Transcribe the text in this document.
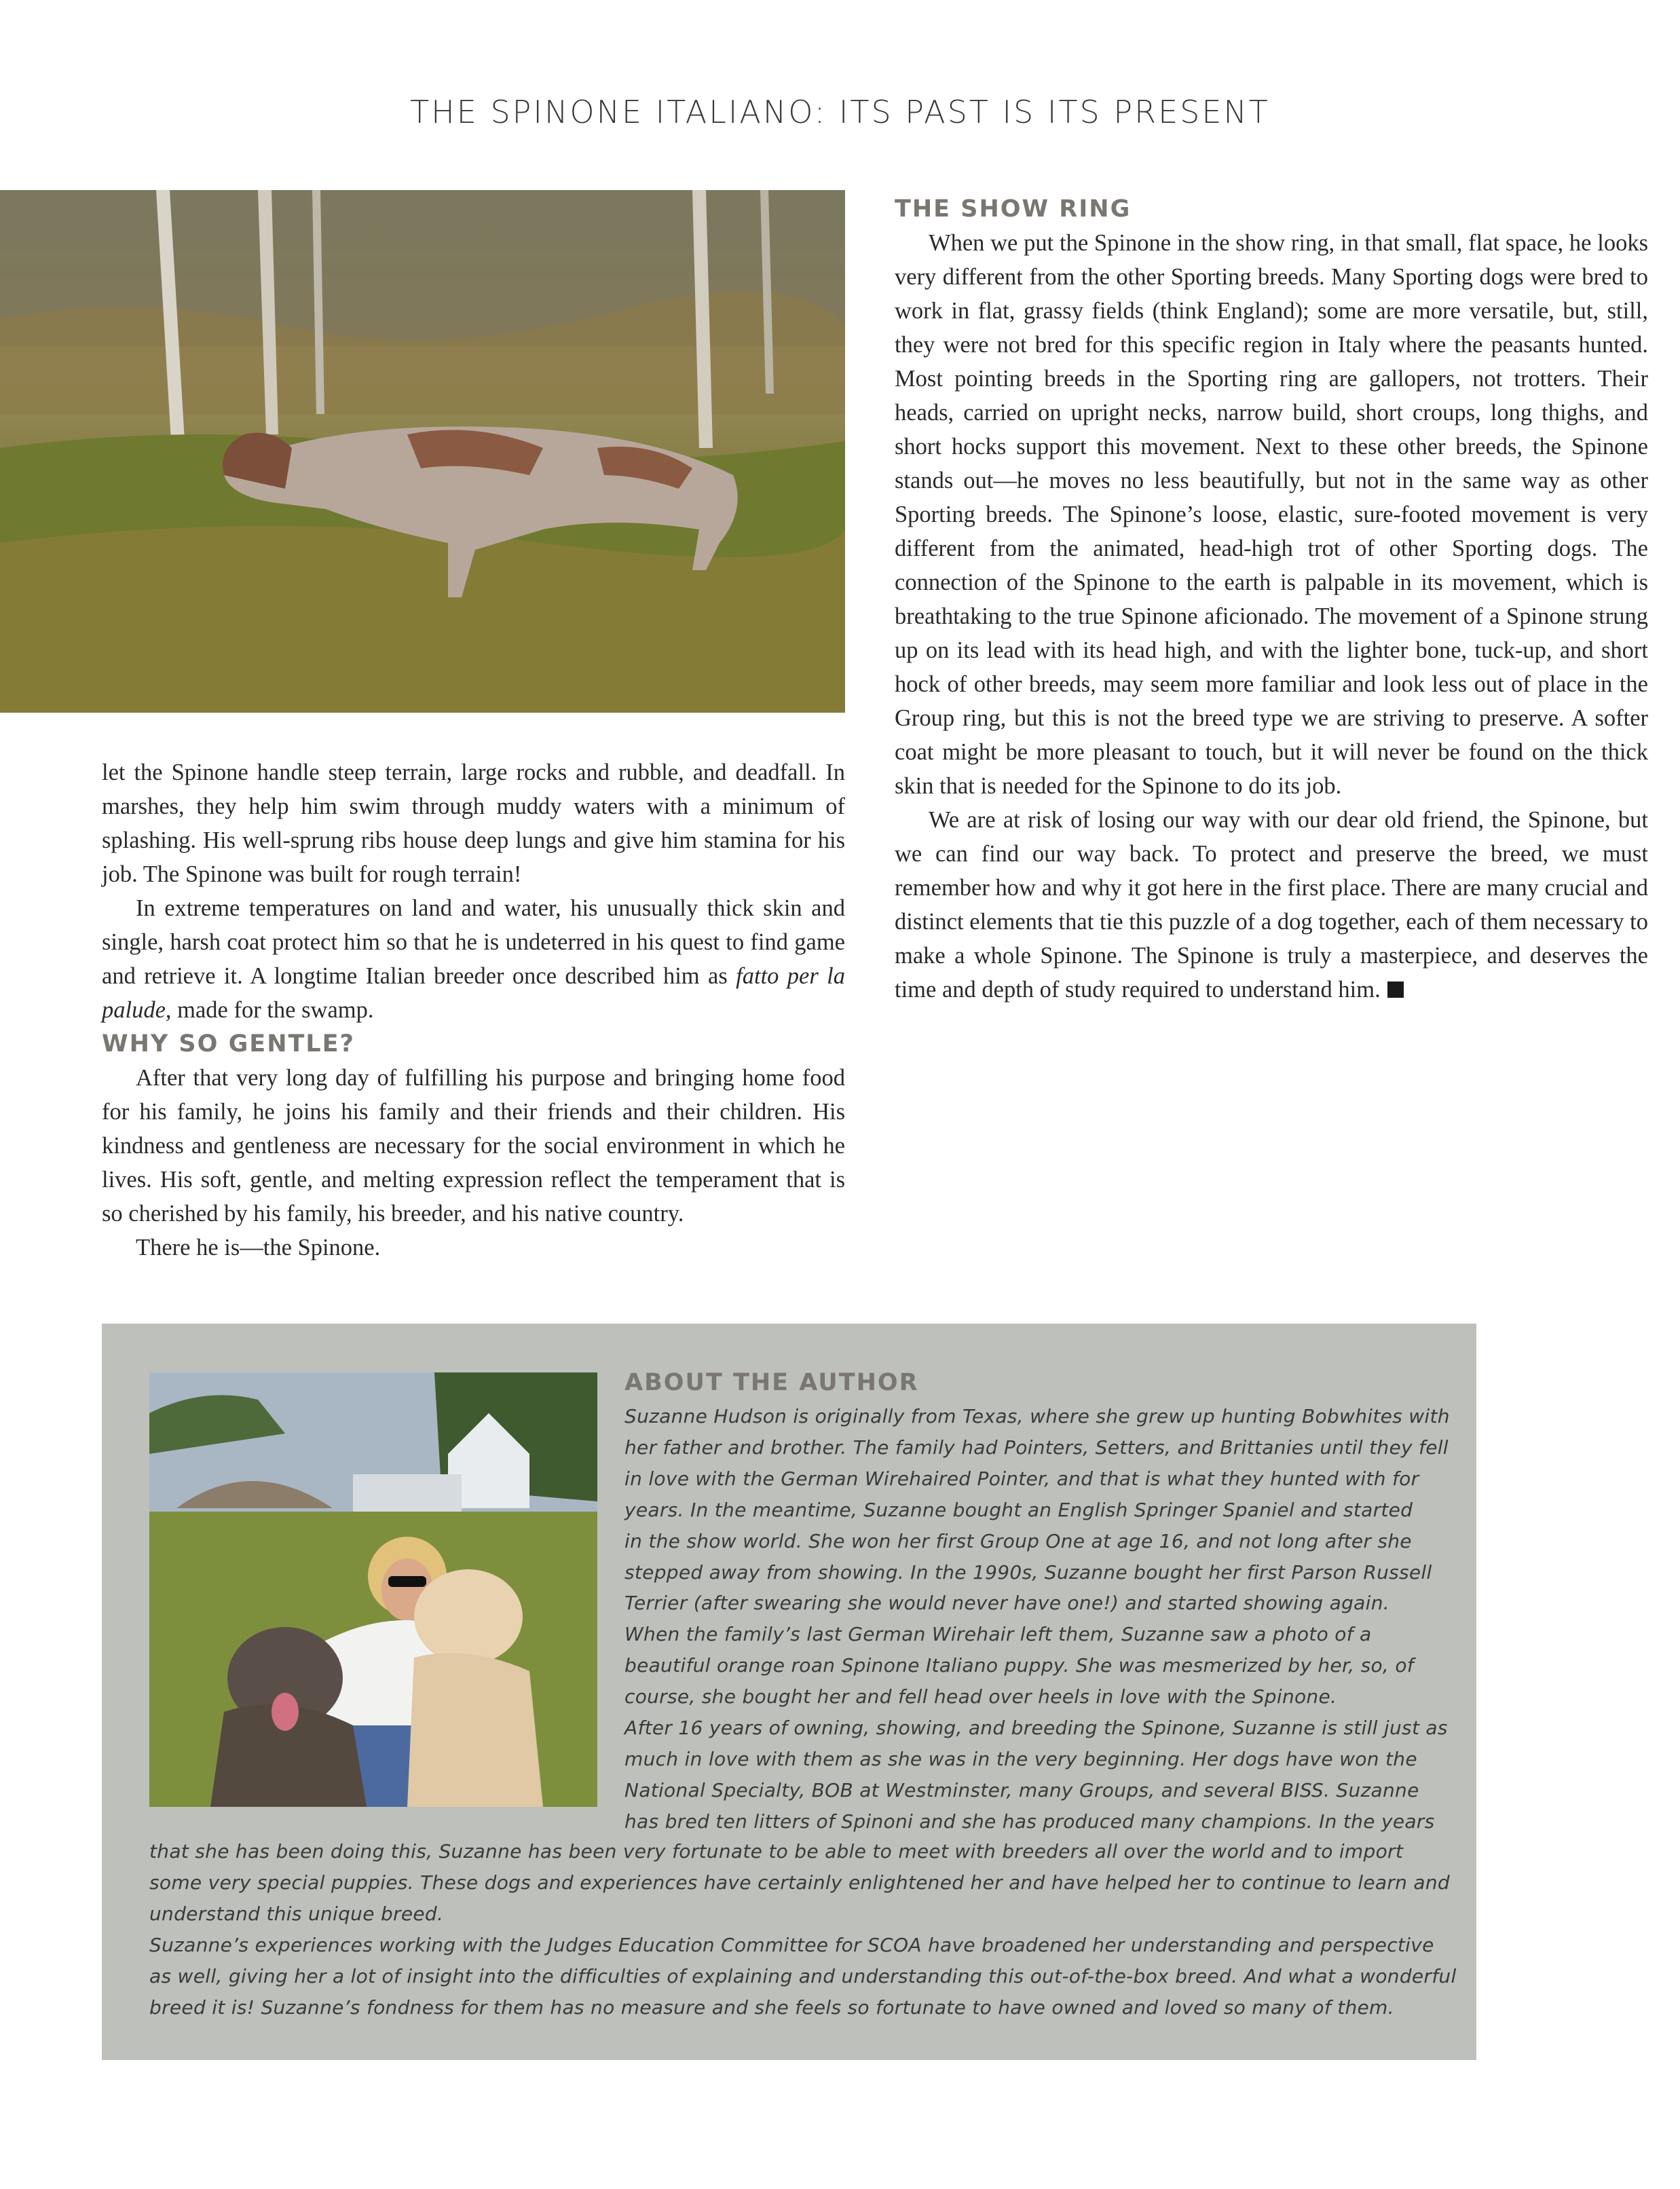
THE SPINONE ITALIANO: ITS PAST IS ITS PRESENT

let the Spinone handle steep terrain, large rocks and rubble, and deadfall. In marshes, they help him swim through muddy waters with a minimum of splashing. His well-sprung ribs house deep lungs and give him stamina for his job. The Spinone was built for rough terrain!

In extreme temperatures on land and water, his unusually thick skin and single, harsh coat protect him so that he is undeterred in his quest to find game and retrieve it. A longtime Italian breeder once described him as fatto per la palude, made for the swamp.

WHY SO GENTLE?

After that very long day of fulfilling his purpose and bringing home food for his family, he joins his family and their friends and their children. His kindness and gentleness are necessary for the social environment in which he lives. His soft, gentle, and melting expression reflect the temperament that is so cherished by his family, his breeder, and his native country.

There he is—the Spinone.

THE SHOW RING

When we put the Spinone in the show ring, in that small, flat space, he looks very different from the other Sporting breeds. Many Sporting dogs were bred to work in flat, grassy fields (think England); some are more versatile, but, still, they were not bred for this specific region in Italy where the peasants hunted. Most pointing breeds in the Sporting ring are gallopers, not trotters. Their heads, carried on upright necks, narrow build, short croups, long thighs, and short hocks support this movement. Next to these other breeds, the Spinone stands out—he moves no less beautifully, but not in the same way as other Sporting breeds. The Spinone’s loose, elastic, sure-footed movement is very different from the animated, head-high trot of other Sporting dogs. The connection of the Spinone to the earth is palpable in its movement, which is breathtaking to the true Spinone aficionado. The movement of a Spinone strung up on its lead with its head high, and with the lighter bone, tuck-up, and short hock of other breeds, may seem more familiar and look less out of place in the Group ring, but this is not the breed type we are striving to preserve. A softer coat might be more pleasant to touch, but it will never be found on the thick skin that is needed for the Spinone to do its job.

We are at risk of losing our way with our dear old friend, the Spinone, but we can find our way back. To protect and preserve the breed, we must remember how and why it got here in the first place. There are many crucial and distinct elements that tie this puzzle of a dog together, each of them necessary to make a whole Spinone. The Spinone is truly a masterpiece, and deserves the time and depth of study required to understand him.

ABOUT THE AUTHOR
Suzanne Hudson is originally from Texas, where she grew up hunting Bobwhites with
her father and brother. The family had Pointers, Setters, and Brittanies until they fell
in love with the German Wirehaired Pointer, and that is what they hunted with for
years. In the meantime, Suzanne bought an English Springer Spaniel and started
in the show world. She won her first Group One at age 16, and not long after she
stepped away from showing. In the 1990s, Suzanne bought her first Parson Russell
Terrier (after swearing she would never have one!) and started showing again.
When the family’s last German Wirehair left them, Suzanne saw a photo of a
beautiful orange roan Spinone Italiano puppy. She was mesmerized by her, so, of
course, she bought her and fell head over heels in love with the Spinone.
After 16 years of owning, showing, and breeding the Spinone, Suzanne is still just as
much in love with them as she was in the very beginning. Her dogs have won the
National Specialty, BOB at Westminster, many Groups, and several BISS. Suzanne
has bred ten litters of Spinoni and she has produced many champions. In the years
that she has been doing this, Suzanne has been very fortunate to be able to meet with breeders all over the world and to import
some very special puppies. These dogs and experiences have certainly enlightened her and have helped her to continue to learn and
understand this unique breed.
Suzanne’s experiences working with the Judges Education Committee for SCOA have broadened her understanding and perspective
as well, giving her a lot of insight into the difficulties of explaining and understanding this out-of-the-box breed. And what a wonderful
breed it is! Suzanne’s fondness for them has no measure and she feels so fortunate to have owned and loved so many of them.
